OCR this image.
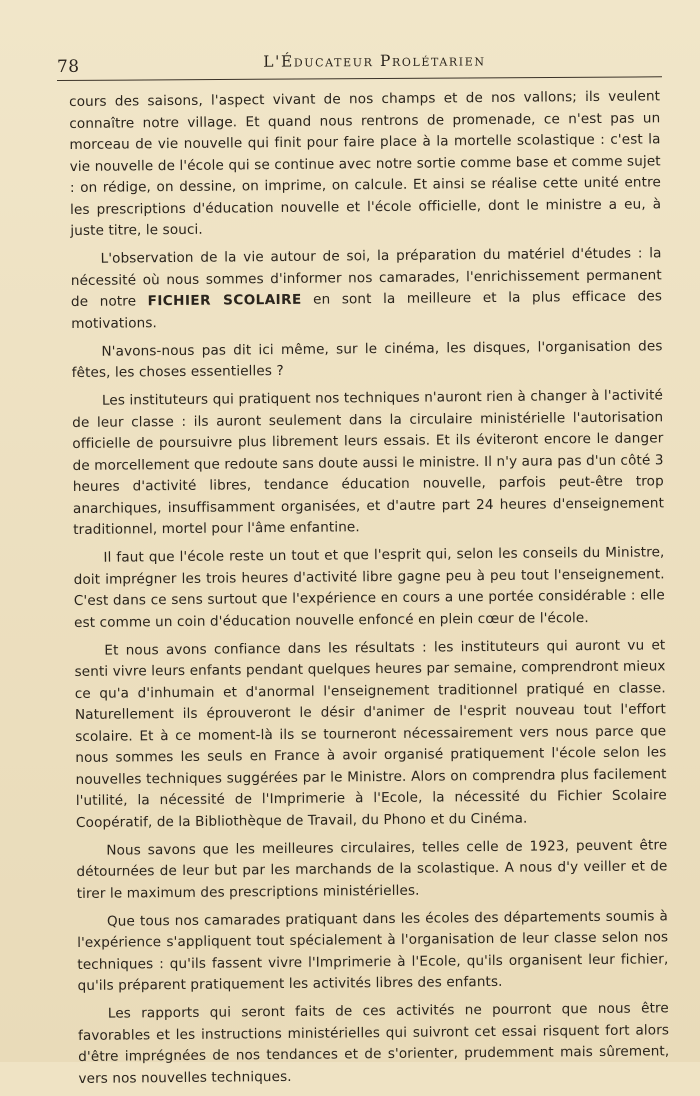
78	L'Éducateur Prolétarien

cours des saisons, l'aspect vivant de nos champs et de nos vallons; ils veulent connaître notre village. Et quand nous rentrons de promenade, ce n'est pas un morceau de vie nouvelle qui finit pour faire place à la mortelle scolastique : c'est la vie nouvelle de l'école qui se continue avec notre sortie comme base et comme sujet : on rédige, on dessine, on imprime, on calcule. Et ainsi se réalise cette unité entre les prescriptions d'éducation nouvelle et l'école officielle, dont le ministre a eu, à juste titre, le souci.

L'observation de la vie autour de soi, la préparation du matériel d'études : la nécessité où nous sommes d'informer nos camarades, l'enrichissement permanent de notre FICHIER SCOLAIRE en sont la meilleure et la plus efficace des motivations.

N'avons-nous pas dit ici même, sur le cinéma, les disques, l'organisation des fêtes, les choses essentielles ?

Les instituteurs qui pratiquent nos techniques n'auront rien à changer à l'activité de leur classe : ils auront seulement dans la circulaire ministérielle l'autorisation officielle de poursuivre plus librement leurs essais. Et ils éviteront encore le danger de morcellement que redoute sans doute aussi le ministre. Il n'y aura pas d'un côté 3 heures d'activité libres, tendance éducation nouvelle, parfois peut-être trop anarchiques, insuffisamment organisées, et d'autre part 24 heures d'enseignement traditionnel, mortel pour l'âme enfantine.

Il faut que l'école reste un tout et que l'esprit qui, selon les conseils du Ministre, doit imprégner les trois heures d'activité libre gagne peu à peu tout l'enseignement. C'est dans ce sens surtout que l'expérience en cours a une portée considérable : elle est comme un coin d'éducation nouvelle enfoncé en plein cœur de l'école.

Et nous avons confiance dans les résultats : les instituteurs qui auront vu et senti vivre leurs enfants pendant quelques heures par semaine, comprendront mieux ce qu'a d'inhumain et d'anormal l'enseignement traditionnel pratiqué en classe. Naturellement ils éprouveront le désir d'animer de l'esprit nouveau tout l'effort scolaire. Et à ce moment-là ils se tourneront nécessairement vers nous parce que nous sommes les seuls en France à avoir organisé pratiquement l'école selon les nouvelles techniques suggérées par le Ministre. Alors on comprendra plus facilement l'utilité, la nécessité de l'Imprimerie à l'Ecole, la nécessité du Fichier Scolaire Coopératif, de la Bibliothèque de Travail, du Phono et du Cinéma.

Nous savons que les meilleures circulaires, telles celle de 1923, peuvent être détournées de leur but par les marchands de la scolastique. A nous d'y veiller et de tirer le maximum des prescriptions ministérielles.

Que tous nos camarades pratiquant dans les écoles des départements soumis à l'expérience s'appliquent tout spécialement à l'organisation de leur classe selon nos techniques : qu'ils fassent vivre l'Imprimerie à l'Ecole, qu'ils organisent leur fichier, qu'ils préparent pratiquement les activités libres des enfants.

Les rapports qui seront faits de ces activités ne pourront que nous être favorables et les instructions ministérielles qui suivront cet essai risquent fort alors d'être imprégnées de nos tendances et de s'orienter, prudemment mais sûrement, vers nos nouvelles techniques.
